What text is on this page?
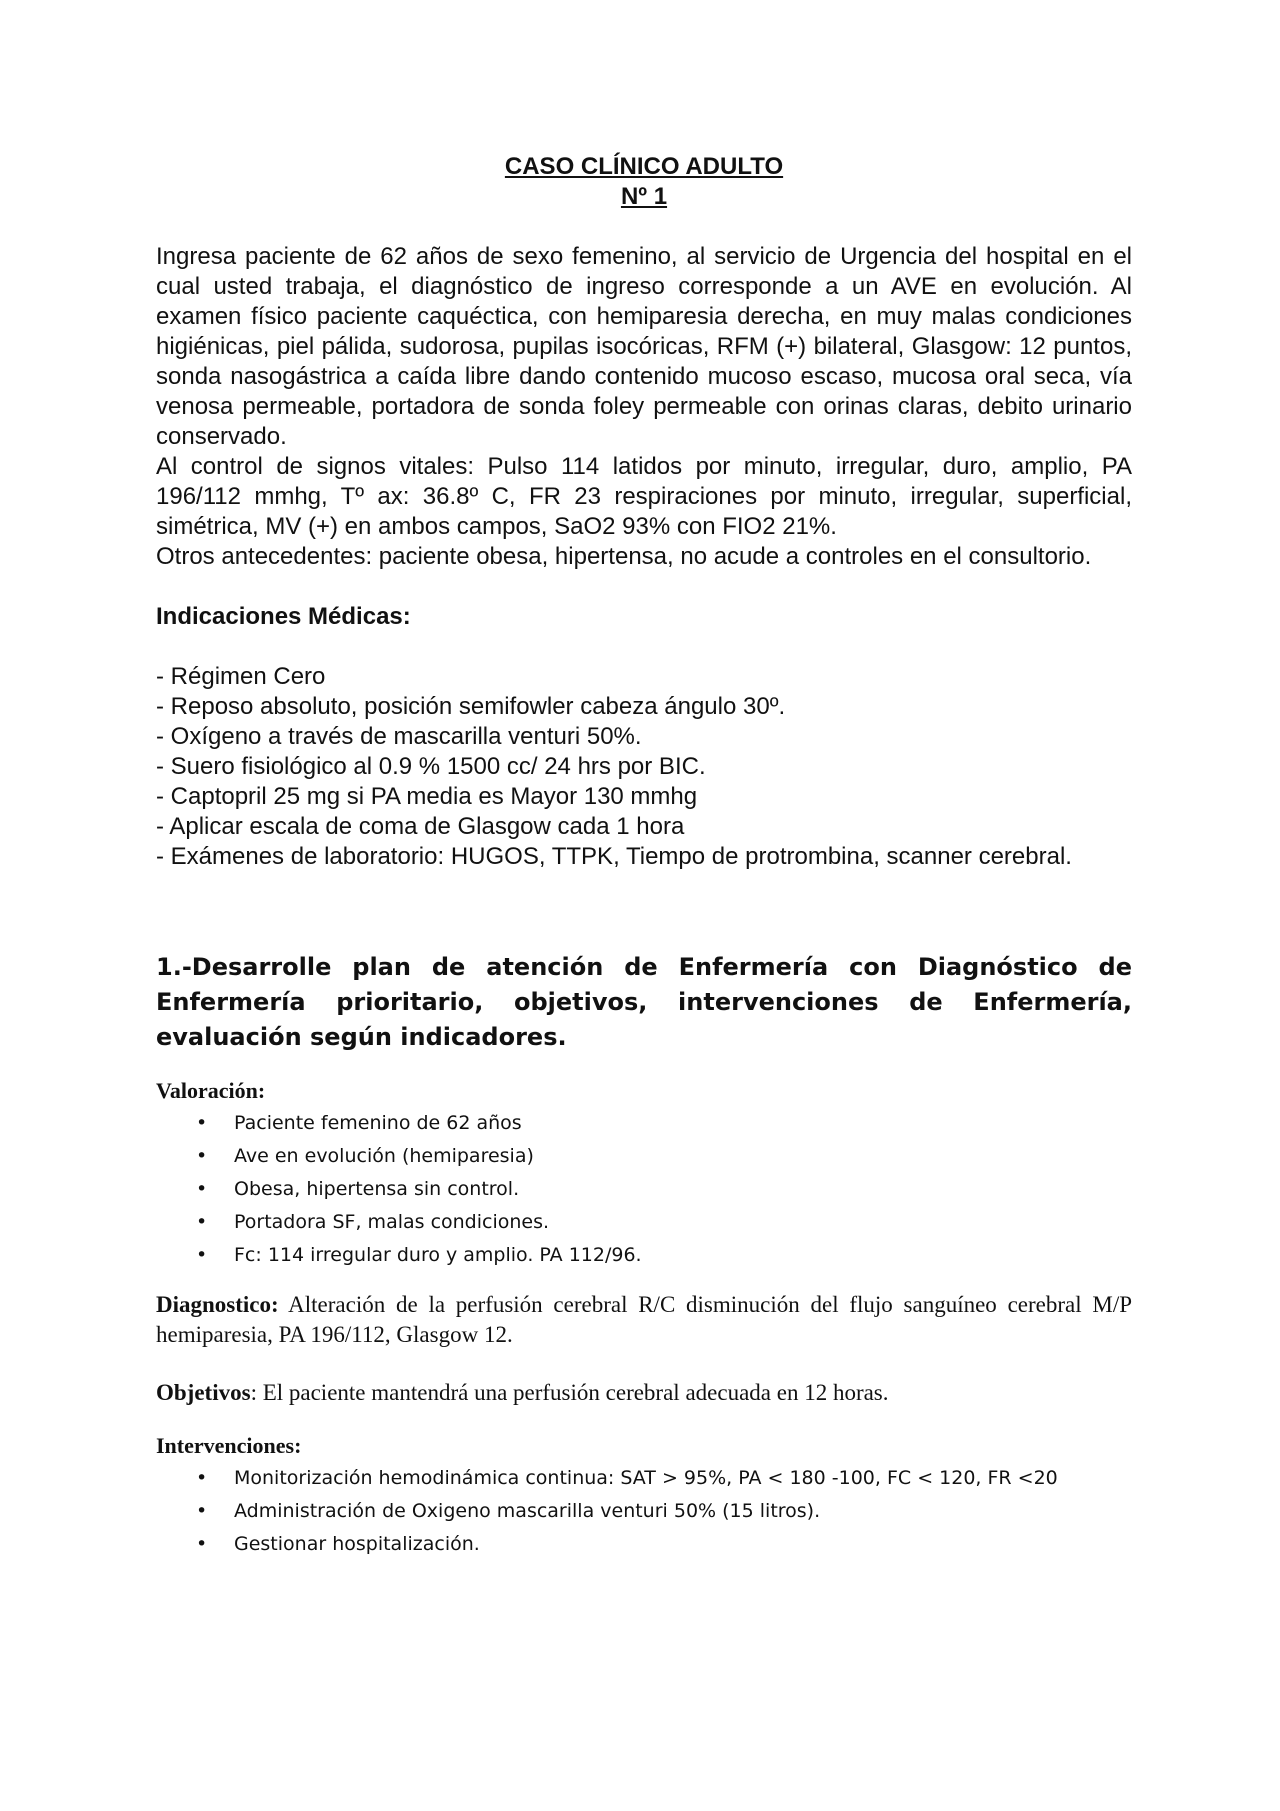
CASO CLÍNICO ADULTO

Nº 1

Ingresa paciente de 62 años de sexo femenino, al servicio de Urgencia del hospital en el cual usted trabaja, el diagnóstico de ingreso corresponde a un AVE en evolución. Al examen físico paciente caquéctica, con hemiparesia derecha, en muy malas condiciones higiénicas, piel pálida, sudorosa, pupilas isocóricas, RFM (+) bilateral, Glasgow: 12 puntos, sonda nasogástrica a caída libre dando contenido mucoso escaso, mucosa oral seca, vía venosa permeable, portadora de sonda foley permeable con orinas claras, debito urinario conservado.

Al control de signos vitales: Pulso 114 latidos por minuto, irregular, duro, amplio, PA 196/112 mmhg, Tº ax: 36.8º C, FR 23 respiraciones por minuto, irregular, superficial, simétrica, MV (+) en ambos campos, SaO2 93% con FIO2 21%.

Otros antecedentes: paciente obesa, hipertensa, no acude a controles en el consultorio.

Indicaciones Médicas:

- Régimen Cero
- Reposo absoluto, posición semifowler cabeza ángulo 30º.
- Oxígeno a través de mascarilla venturi 50%.
- Suero fisiológico al 0.9 % 1500 cc/ 24 hrs por BIC.
- Captopril 25 mg si PA media es Mayor 130 mmhg
- Aplicar escala de coma de Glasgow cada 1 hora
- Exámenes de laboratorio: HUGOS, TTPK, Tiempo de protrombina, scanner cerebral.

1.-Desarrolle plan de atención de Enfermería con Diagnóstico de Enfermería prioritario, objetivos, intervenciones de Enfermería, evaluación según indicadores.

Valoración:

• Paciente femenino de 62 años
• Ave en evolución (hemiparesia)
• Obesa, hipertensa sin control.
• Portadora SF, malas condiciones.
• Fc: 114 irregular duro y amplio. PA 112/96.

Diagnostico: Alteración de la perfusión cerebral R/C disminución del flujo sanguíneo cerebral M/P hemiparesia, PA 196/112, Glasgow 12.

Objetivos: El paciente mantendrá una perfusión cerebral adecuada en 12 horas.

Intervenciones:

• Monitorización hemodinámica continua: SAT > 95%, PA < 180 -100, FC < 120, FR <20
• Administración de Oxigeno mascarilla venturi 50% (15 litros).
• Gestionar hospitalización.
